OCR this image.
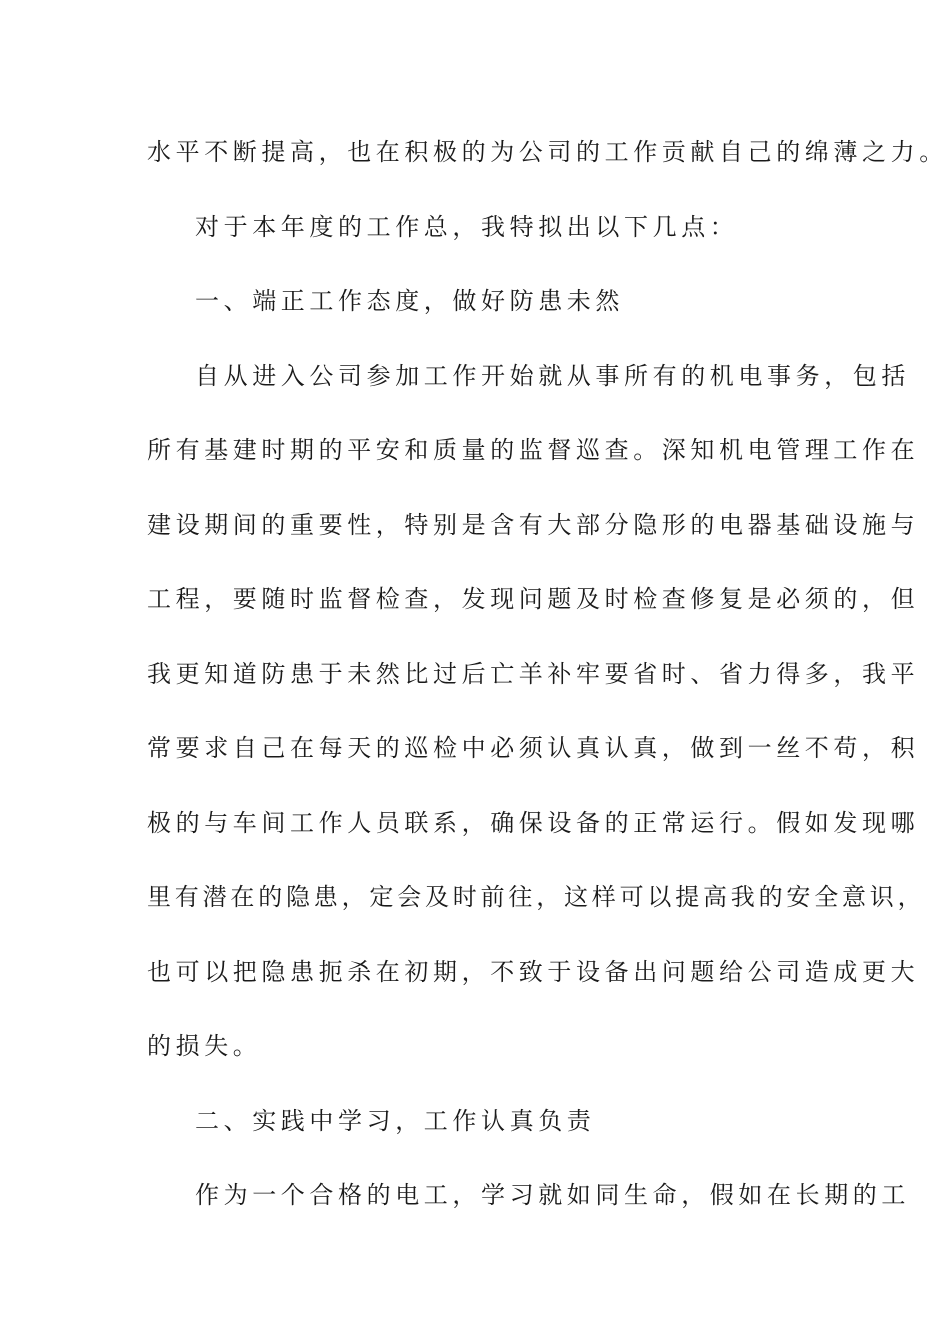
水平不断提高，也在积极的为公司的工作贡献自己的绵薄之力。
对于本年度的工作总，我特拟出以下几点：
一、端正工作态度，做好防患未然
自从进入公司参加工作开始就从事所有的机电事务，包括
所有基建时期的平安和质量的监督巡查。深知机电管理工作在
建设期间的重要性，特别是含有大部分隐形的电器基础设施与
工程，要随时监督检查，发现问题及时检查修复是必须的，但
我更知道防患于未然比过后亡羊补牢要省时、省力得多，我平
常要求自己在每天的巡检中必须认真认真，做到一丝不苟，积
极的与车间工作人员联系，确保设备的正常运行。假如发现哪
里有潜在的隐患，定会及时前往，这样可以提高我的安全意识，
也可以把隐患扼杀在初期，不致于设备出问题给公司造成更大
的损失。
二、实践中学习，工作认真负责
作为一个合格的电工，学习就如同生命，假如在长期的工
